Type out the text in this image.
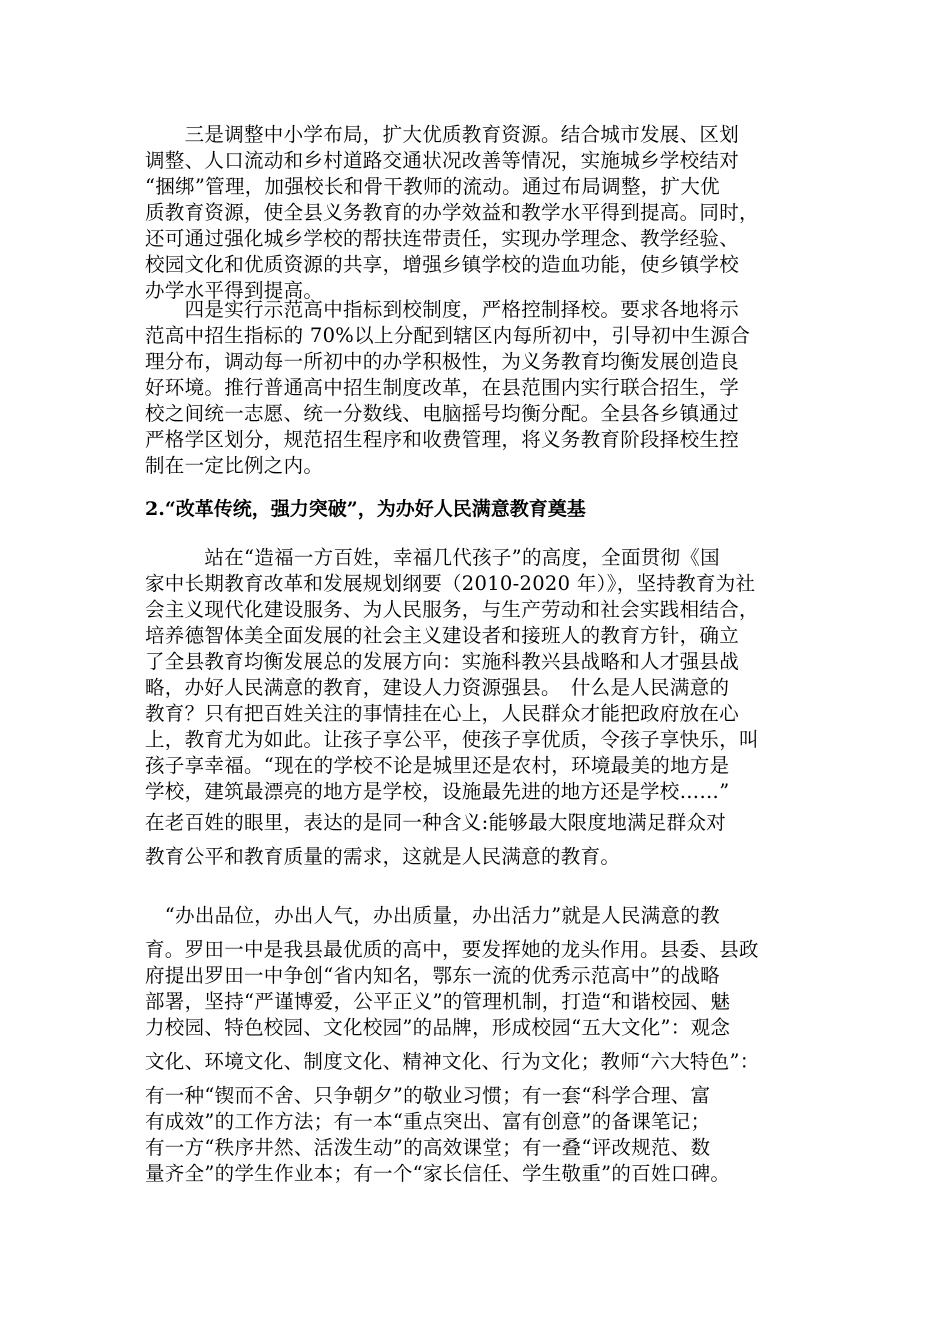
　　三是调整中小学布局，扩大优质教育资源。结合城市发展、区划
调整、人口流动和乡村道路交通状况改善等情况，实施城乡学校结对
“捆绑”管理，加强校长和骨干教师的流动。通过布局调整，扩大优
质教育资源，使全县义务教育的办学效益和教学水平得到提高。同时，
还可通过强化城乡学校的帮扶连带责任，实现办学理念、教学经验、
校园文化和优质资源的共享，增强乡镇学校的造血功能，使乡镇学校
办学水平得到提高。
　　四是实行示范高中指标到校制度，严格控制择校。要求各地将示
范高中招生指标的 70%以上分配到辖区内每所初中，引导初中生源合
理分布，调动每一所初中的办学积极性，为义务教育均衡发展创造良
好环境。推行普通高中招生制度改革，在县范围内实行联合招生，学
校之间统一志愿、统一分数线、电脑摇号均衡分配。全县各乡镇通过
严格学区划分，规范招生程序和收费管理，将义务教育阶段择校生控
制在一定比例之内。
2.“改革传统，强力突破”，为办好人民满意教育奠基
　　　站在“造福一方百姓，幸福几代孩子”的高度，全面贯彻《国
家中长期教育改革和发展规划纲要（2010-2020 年）》，坚持教育为社
会主义现代化建设服务、为人民服务，与生产劳动和社会实践相结合，
培养德智体美全面发展的社会主义建设者和接班人的教育方针，确立
了全县教育均衡发展总的发展方向：实施科教兴县战略和人才强县战
略，办好人民满意的教育，建设人力资源强县。　什么是人民满意的
教育？只有把百姓关注的事情挂在心上，人民群众才能把政府放在心
上，教育尤为如此。让孩子享公平，使孩子享优质，令孩子享快乐，叫
孩子享幸福。“现在的学校不论是城里还是农村，环境最美的地方是
学校，建筑最漂亮的地方是学校，设施最先进的地方还是学校……”
在老百姓的眼里，表达的是同一种含义:能够最大限度地满足群众对
教育公平和教育质量的需求，这就是人民满意的教育。
　“办出品位，办出人气，办出质量，办出活力”就是人民满意的教
育。罗田一中是我县最优质的高中，要发挥她的龙头作用。县委、县政
府提出罗田一中争创“省内知名，鄂东一流的优秀示范高中”的战略
部署，坚持“严谨博爱，公平正义”的管理机制，打造“和谐校园、魅
力校园、特色校园、文化校园”的品牌，形成校园“五大文化”：观念
文化、环境文化、制度文化、精神文化、行为文化；教师“六大特色”：
有一种“锲而不舍、只争朝夕”的敬业习惯；有一套“科学合理、富
有成效”的工作方法；有一本“重点突出、富有创意”的备课笔记；
有一方“秩序井然、活泼生动”的高效课堂；有一叠“评改规范、数
量齐全”的学生作业本；有一个“家长信任、学生敬重”的百姓口碑。
